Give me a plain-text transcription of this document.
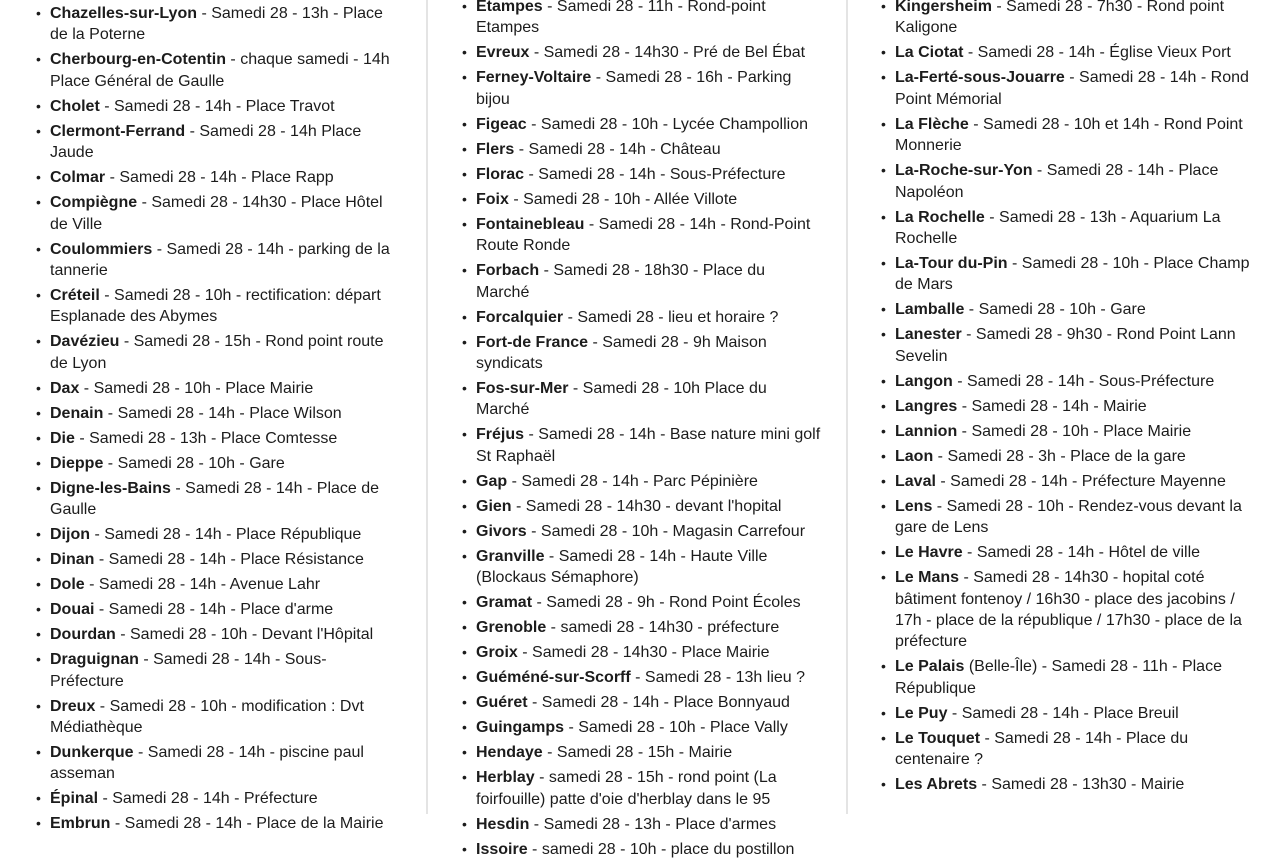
• Chazelles-sur-Lyon - Samedi 28 - 13h - Place de la Poterne
• Cherbourg-en-Cotentin - chaque samedi - 14h Place Général de Gaulle
• Cholet - Samedi 28 - 14h - Place Travot
• Clermont-Ferrand - Samedi 28 - 14h Place Jaude
• Colmar - Samedi 28 - 14h - Place Rapp
• Compiègne - Samedi 28 - 14h30 - Place Hôtel de Ville
• Coulommiers - Samedi 28 - 14h - parking de la tannerie
• Créteil - Samedi 28 - 10h - rectification: départ Esplanade des Abymes
• Davézieu - Samedi 28 - 15h - Rond point route de Lyon
• Dax - Samedi 28 - 10h - Place Mairie
• Denain - Samedi 28 - 14h - Place Wilson
• Die - Samedi 28 - 13h - Place Comtesse
• Dieppe - Samedi 28 - 10h - Gare
• Digne-les-Bains - Samedi 28 - 14h - Place de Gaulle
• Dijon - Samedi 28 - 14h - Place République
• Dinan - Samedi 28 - 14h - Place Résistance
• Dole - Samedi 28 - 14h - Avenue Lahr
• Douai - Samedi 28 - 14h - Place d'arme
• Dourdan - Samedi 28 - 10h - Devant l'Hôpital
• Draguignan - Samedi 28 - 14h - Sous-Préfecture
• Dreux - Samedi 28 - 10h - modification : Dvt Médiathèque
• Dunkerque - Samedi 28 - 14h - piscine paul asseman
• Épinal - Samedi 28 - 14h - Préfecture
• Embrun - Samedi 28 - 14h - Place de la Mairie
• Etampes - Samedi 28 - 11h - Rond-point Etampes
• Evreux - Samedi 28 - 14h30 - Pré de Bel Ébat
• Ferney-Voltaire - Samedi 28 - 16h - Parking bijou
• Figeac - Samedi 28 - 10h - Lycée Champollion
• Flers - Samedi 28 - 14h - Château
• Florac - Samedi 28 - 14h - Sous-Préfecture
• Foix - Samedi 28 - 10h - Allée Villote
• Fontainebleau - Samedi 28 - 14h - Rond-Point Route Ronde
• Forbach - Samedi 28 - 18h30 - Place du Marché
• Forcalquier - Samedi 28 - lieu et horaire ?
• Fort-de France - Samedi 28 - 9h Maison syndicats
• Fos-sur-Mer - Samedi 28 - 10h Place du Marché
• Fréjus - Samedi 28 - 14h - Base nature mini golf St Raphaël
• Gap - Samedi 28 - 14h - Parc Pépinière
• Gien - Samedi 28 - 14h30 - devant l'hopital
• Givors - Samedi 28 - 10h - Magasin Carrefour
• Granville - Samedi 28 - 14h - Haute Ville (Blockaus Sémaphore)
• Gramat - Samedi 28 - 9h - Rond Point Écoles
• Grenoble - samedi 28 - 14h30 - préfecture
• Groix - Samedi 28 - 14h30 - Place Mairie
• Guéméné-sur-Scorff - Samedi 28 - 13h lieu ?
• Guéret - Samedi 28 - 14h - Place Bonnyaud
• Guingamps - Samedi 28 - 10h - Place Vally
• Hendaye - Samedi 28 - 15h - Mairie
• Herblay - samedi 28 - 15h - rond point (La foirfouille) patte d'oie d'herblay dans le 95
• Hesdin - Samedi 28 - 13h - Place d'armes
• Issoire - samedi 28 - 10h - place du postillon
• Kingersheim - Samedi 28 - 7h30 - Rond point Kaligone
• La Ciotat - Samedi 28 - 14h - Église Vieux Port
• La-Ferté-sous-Jouarre - Samedi 28 - 14h - Rond Point Mémorial
• La Flèche - Samedi 28 - 10h et 14h - Rond Point Monnerie
• La-Roche-sur-Yon - Samedi 28 - 14h - Place Napoléon
• La Rochelle - Samedi 28 - 13h - Aquarium La Rochelle
• La-Tour du-Pin - Samedi 28 - 10h - Place Champ de Mars
• Lamballe - Samedi 28 - 10h - Gare
• Lanester - Samedi 28 - 9h30 - Rond Point Lann Sevelin
• Langon - Samedi 28 - 14h - Sous-Préfecture
• Langres - Samedi 28 - 14h - Mairie
• Lannion - Samedi 28 - 10h - Place Mairie
• Laon - Samedi 28 - 3h - Place de la gare
• Laval - Samedi 28 - 14h - Préfecture Mayenne
• Lens - Samedi 28 - 10h - Rendez-vous devant la gare de Lens
• Le Havre - Samedi 28 - 14h - Hôtel de ville
• Le Mans - Samedi 28 - 14h30 - hopital coté bâtiment fontenoy / 16h30 - place des jacobins / 17h - place de la république / 17h30 - place de la préfecture
• Le Palais (Belle-Île) - Samedi 28 - 11h - Place République
• Le Puy - Samedi 28 - 14h - Place Breuil
• Le Touquet - Samedi 28 - 14h - Place du centenaire ?
• Les Abrets - Samedi 28 - 13h30 - Mairie
